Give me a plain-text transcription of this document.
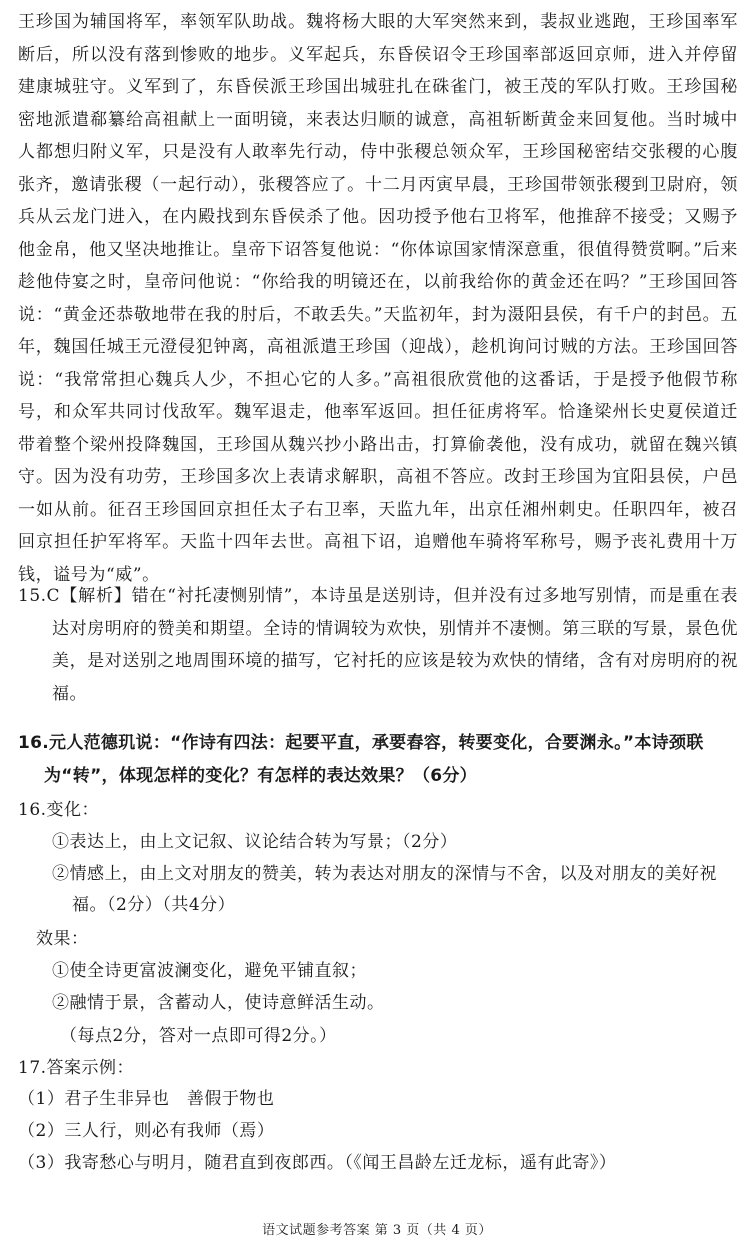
王珍国为辅国将军，率领军队助战。魏将杨大眼的大军突然来到，裴叔业逃跑，王珍国率军断后，所以没有落到惨败的地步。义军起兵，东昏侯诏令王珍国率部返回京师，进入并停留建康城驻守。义军到了，东昏侯派王珍国出城驻扎在硃雀门，被王茂的军队打败。王珍国秘密地派遣郗纂给高祖献上一面明镜，来表达归顺的诚意，高祖斩断黄金来回复他。当时城中人都想归附义军，只是没有人敢率先行动，侍中张稷总领众军，王珍国秘密结交张稷的心腹张齐，邀请张稷（一起行动），张稷答应了。十二月丙寅早晨，王珍国带领张稷到卫尉府，领兵从云龙门进入，在内殿找到东昏侯杀了他。因功授予他右卫将军，他推辞不接受；又赐予他金帛，他又坚决地推让。皇帝下诏答复他说：“你体谅国家情深意重，很值得赞赏啊。”后来趁他侍宴之时，皇帝问他说：“你给我的明镜还在，以前我给你的黄金还在吗？”王珍国回答说：“黄金还恭敬地带在我的肘后，不敢丢失。”天监初年，封为滠阳县侯，有千户的封邑。五年，魏国任城王元澄侵犯钟离，高祖派遣王珍国（迎战），趁机询问讨贼的方法。王珍国回答说：“我常常担心魏兵人少，不担心它的人多。”高祖很欣赏他的这番话，于是授予他假节称号，和众军共同讨伐敌军。魏军退走，他率军返回。担任征虏将军。恰逢梁州长史夏侯道迁带着整个梁州投降魏国，王珍国从魏兴抄小路出击，打算偷袭他，没有成功，就留在魏兴镇守。因为没有功劳，王珍国多次上表请求解职，高祖不答应。改封王珍国为宜阳县侯，户邑一如从前。征召王珍国回京担任太子右卫率，天监九年，出京任湘州刺史。任职四年，被召回京担任护军将军。天监十四年去世。高祖下诏，追赠他车骑将军称号，赐予丧礼费用十万钱，谥号为“威”。

15.C【解析】错在“衬托凄恻别情”，本诗虽是送别诗，但并没有过多地写别情，而是重在表达对房明府的赞美和期望。全诗的情调较为欢快，别情并不凄恻。第三联的写景，景色优美，是对送别之地周围环境的描写，它衬托的应该是较为欢快的情绪，含有对房明府的祝福。

16.元人范德玑说：“作诗有四法：起要平直，承要舂容，转要变化，合要渊永。”本诗颈联为“转”，体现怎样的变化？有怎样的表达效果？（6分）

16.变化：

①表达上，由上文记叙、议论结合转为写景；（2分）

②情感上，由上文对朋友的赞美，转为表达对朋友的深情与不舍，以及对朋友的美好祝福。（2分）（共4分）

效果：

①使全诗更富波澜变化，避免平铺直叙；

②融情于景，含蓄动人，使诗意鲜活生动。

（每点2分，答对一点即可得2分。）

17.答案示例：

（1）君子生非异也　善假于物也

（2）三人行，则必有我师（焉）

（3）我寄愁心与明月，随君直到夜郎西。（《闻王昌龄左迁龙标，遥有此寄》）

语文试题参考答案 第 3 页（共 4 页）
